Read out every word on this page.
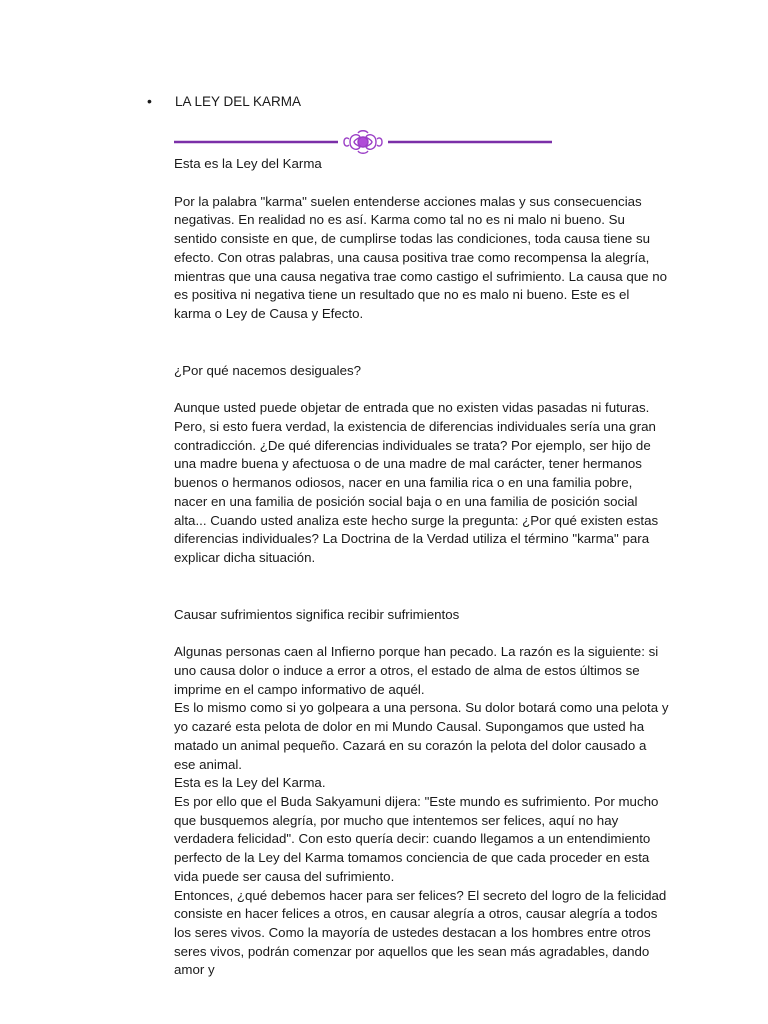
• LA LEY DEL KARMA

Esta es la Ley del Karma

Por la palabra "karma" suelen entenderse acciones malas y sus consecuencias negativas. En realidad no es así. Karma como tal no es ni malo ni bueno. Su sentido consiste en que, de cumplirse todas las condiciones, toda causa tiene su efecto. Con otras palabras, una causa positiva trae como recompensa la alegría, mientras que una causa negativa trae como castigo el sufrimiento. La causa que no es positiva ni negativa tiene un resultado que no es malo ni bueno. Este es el karma o Ley de Causa y Efecto.

¿Por qué nacemos desiguales?

Aunque usted puede objetar de entrada que no existen vidas pasadas ni futuras. Pero, si esto fuera verdad, la existencia de diferencias individuales sería una gran contradicción. ¿De qué diferencias individuales se trata? Por ejemplo, ser hijo de una madre buena y afectuosa o de una madre de mal carácter, tener hermanos buenos o hermanos odiosos, nacer en una familia rica o en una familia pobre, nacer en una familia de posición social baja o en una familia de posición social alta... Cuando usted analiza este hecho surge la pregunta: ¿Por qué existen estas diferencias individuales? La Doctrina de la Verdad utiliza el término "karma" para explicar dicha situación.

Causar sufrimientos significa recibir sufrimientos

Algunas personas caen al Infierno porque han pecado. La razón es la siguiente: si uno causa dolor o induce a error a otros, el estado de alma de estos últimos se imprime en el campo informativo de aquél.

Es lo mismo como si yo golpeara a una persona. Su dolor botará como una pelota y yo cazaré esta pelota de dolor en mi Mundo Causal. Supongamos que usted ha matado un animal pequeño. Cazará en su corazón la pelota del dolor causado a ese animal.

Esta es la Ley del Karma.

Es por ello que el Buda Sakyamuni dijera: "Este mundo es sufrimiento. Por mucho que busquemos alegría, por mucho que intentemos ser felices, aquí no hay verdadera felicidad". Con esto quería decir: cuando llegamos a un entendimiento perfecto de la Ley del Karma tomamos conciencia de que cada proceder en esta vida puede ser causa del sufrimiento.

Entonces, ¿qué debemos hacer para ser felices? El secreto del logro de la felicidad consiste en hacer felices a otros, en causar alegría a otros, causar alegría a todos los seres vivos. Como la mayoría de ustedes destacan a los hombres entre otros seres vivos, podrán comenzar por aquellos que les sean más agradables, dando amor y
